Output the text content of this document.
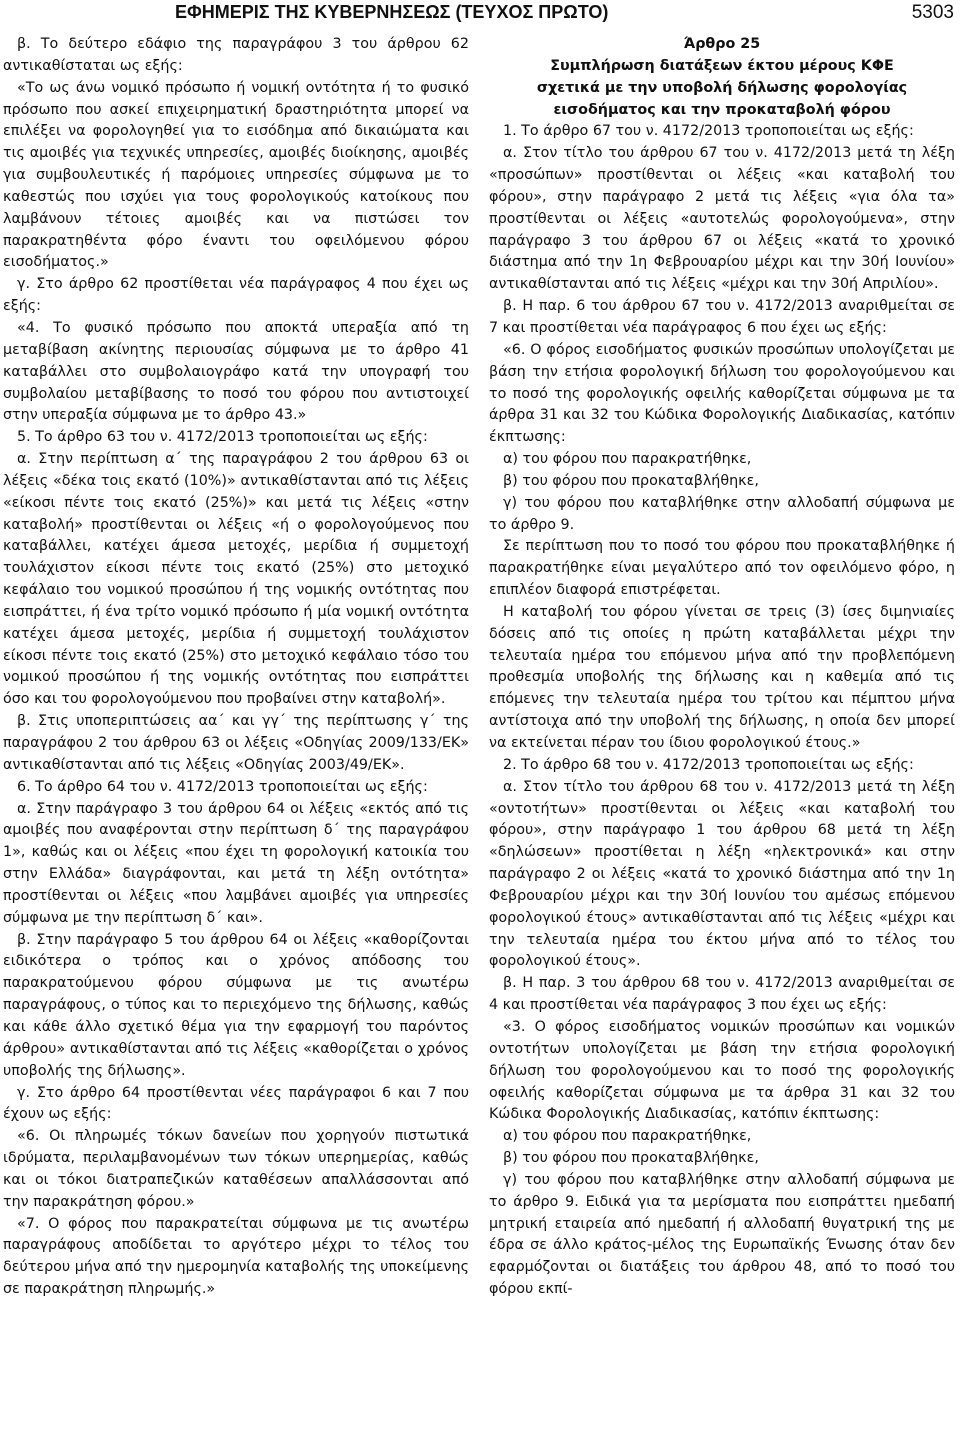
ΕΦΗΜΕΡΙΣ ΤΗΣ ΚΥΒΕΡΝΗΣΕΩΣ (ΤΕΥΧΟΣ ΠΡΩΤΟ)	5303

β. Το δεύτερο εδάφιο της παραγράφου 3 του άρθρου 62 αντικαθίσταται ως εξής:

«Το ως άνω νομικό πρόσωπο ή νομική οντότητα ή το φυσικό πρόσωπο που ασκεί επιχειρηματική δραστηριότητα μπορεί να επιλέξει να φορολογηθεί για το εισόδημα από δικαιώματα και τις αμοιβές για τεχνικές υπηρεσίες, αμοιβές διοίκησης, αμοιβές για συμβουλευτικές ή παρόμοιες υπηρεσίες σύμφωνα με το καθεστώς που ισχύει για τους φορολογικούς κατοίκους που λαμβάνουν τέτοιες αμοιβές και να πιστώσει τον παρακρατηθέντα φόρο έναντι του οφειλόμενου φόρου εισοδήματος.»

γ. Στο άρθρο 62 προστίθεται νέα παράγραφος 4 που έχει ως εξής:

«4. Το φυσικό πρόσωπο που αποκτά υπεραξία από τη μεταβίβαση ακίνητης περιουσίας σύμφωνα με το άρθρο 41 καταβάλλει στο συμβολαιογράφο κατά την υπογραφή του συμβολαίου μεταβίβασης το ποσό του φόρου που αντιστοιχεί στην υπεραξία σύμφωνα με το άρθρο 43.»

5. Το άρθρο 63 του ν. 4172/2013 τροποποιείται ως εξής:

α. Στην περίπτωση α΄ της παραγράφου 2 του άρθρου 63 οι λέξεις «δέκα τοις εκατό (10%)» αντικαθίστανται από τις λέξεις «είκοσι πέντε τοις εκατό (25%)» και μετά τις λέξεις «στην καταβολή» προστίθενται οι λέξεις «ή ο φορολογούμενος που καταβάλλει, κατέχει άμεσα μετοχές, μερίδια ή συμμετοχή τουλάχιστον είκοσι πέντε τοις εκατό (25%) στο μετοχικό κεφάλαιο του νομικού προσώπου ή της νομικής οντότητας που εισπράττει, ή ένα τρίτο νομικό πρόσωπο ή μία νομική οντότητα κατέχει άμεσα μετοχές, μερίδια ή συμμετοχή τουλάχιστον είκοσι πέντε τοις εκατό (25%) στο μετοχικό κεφάλαιο τόσο του νομικού προσώπου ή της νομικής οντότητας που εισπράττει όσο και του φορολογούμενου που προβαίνει στην καταβολή».

β. Στις υποπεριπτώσεις αα΄ και γγ΄ της περίπτωσης γ΄ της παραγράφου 2 του άρθρου 63 οι λέξεις «Οδηγίας 2009/133/ΕΚ» αντικαθίστανται από τις λέξεις «Οδηγίας 2003/49/ΕΚ».

6. Το άρθρο 64 του ν. 4172/2013 τροποποιείται ως εξής:

α. Στην παράγραφο 3 του άρθρου 64 οι λέξεις «εκτός από τις αμοιβές που αναφέρονται στην περίπτωση δ΄ της παραγράφου 1», καθώς και οι λέξεις «που έχει τη φορολογική κατοικία του στην Ελλάδα» διαγράφονται, και μετά τη λέξη οντότητα» προστίθενται οι λέξεις «που λαμβάνει αμοιβές για υπηρεσίες σύμφωνα με την περίπτωση δ΄ και».

β. Στην παράγραφο 5 του άρθρου 64 οι λέξεις «καθορίζονται ειδικότερα ο τρόπος και ο χρόνος απόδοσης του παρακρατούμενου φόρου σύμφωνα με τις ανωτέρω παραγράφους, ο τύπος και το περιεχόμενο της δήλωσης, καθώς και κάθε άλλο σχετικό θέμα για την εφαρμογή του παρόντος άρθρου» αντικαθίστανται από τις λέξεις «καθορίζεται ο χρόνος υποβολής της δήλωσης».

γ. Στο άρθρο 64 προστίθενται νέες παράγραφοι 6 και 7 που έχουν ως εξής:

«6. Οι πληρωμές τόκων δανείων που χορηγούν πιστωτικά ιδρύματα, περιλαμβανομένων των τόκων υπερημερίας, καθώς και οι τόκοι διατραπεζικών καταθέσεων απαλλάσσονται από την παρακράτηση φόρου.»

«7. Ο φόρος που παρακρατείται σύμφωνα με τις ανωτέρω παραγράφους αποδίδεται το αργότερο μέχρι το τέλος του δεύτερου μήνα από την ημερομηνία καταβολής της υποκείμενης σε παρακράτηση πληρωμής.»

Άρθρο 25
Συμπλήρωση διατάξεων έκτου μέρους ΚΦΕ
σχετικά με την υποβολή δήλωσης φορολογίας
εισοδήματος και την προκαταβολή φόρου

1. Το άρθρο 67 του ν. 4172/2013 τροποποιείται ως εξής:

α. Στον τίτλο του άρθρου 67 του ν. 4172/2013 μετά τη λέξη «προσώπων» προστίθενται οι λέξεις «και καταβολή του φόρου», στην παράγραφο 2 μετά τις λέξεις «για όλα τα» προστίθενται οι λέξεις «αυτοτελώς φορολογούμενα», στην παράγραφο 3 του άρθρου 67 οι λέξεις «κατά το χρονικό διάστημα από την 1η Φεβρουαρίου μέχρι και την 30ή Ιουνίου» αντικαθίστανται από τις λέξεις «μέχρι και την 30ή Απριλίου».

β. Η παρ. 6 του άρθρου 67 του ν. 4172/2013 αναριθμείται σε 7 και προστίθεται νέα παράγραφος 6 που έχει ως εξής:

«6. Ο φόρος εισοδήματος φυσικών προσώπων υπολογίζεται με βάση την ετήσια φορολογική δήλωση του φορολογούμενου και το ποσό της φορολογικής οφειλής καθορίζεται σύμφωνα με τα άρθρα 31 και 32 του Κώδικα Φορολογικής Διαδικασίας, κατόπιν έκπτωσης:

α) του φόρου που παρακρατήθηκε,

β) του φόρου που προκαταβλήθηκε,

γ) του φόρου που καταβλήθηκε στην αλλοδαπή σύμφωνα με το άρθρο 9.

Σε περίπτωση που το ποσό του φόρου που προκαταβλήθηκε ή παρακρατήθηκε είναι μεγαλύτερο από τον οφειλόμενο φόρο, η επιπλέον διαφορά επιστρέφεται.

Η καταβολή του φόρου γίνεται σε τρεις (3) ίσες διμηνιαίες δόσεις από τις οποίες η πρώτη καταβάλλεται μέχρι την τελευταία ημέρα του επόμενου μήνα από την προβλεπόμενη προθεσμία υποβολής της δήλωσης και η καθεμία από τις επόμενες την τελευταία ημέρα του τρίτου και πέμπτου μήνα αντίστοιχα από την υποβολή της δήλωσης, η οποία δεν μπορεί να εκτείνεται πέραν του ίδιου φορολογικού έτους.»

2. Το άρθρο 68 του ν. 4172/2013 τροποποιείται ως εξής:

α. Στον τίτλο του άρθρου 68 του ν. 4172/2013 μετά τη λέξη «οντοτήτων» προστίθενται οι λέξεις «και καταβολή του φόρου», στην παράγραφο 1 του άρθρου 68 μετά τη λέξη «δηλώσεων» προστίθεται η λέξη «ηλεκτρονικά» και στην παράγραφο 2 οι λέξεις «κατά το χρονικό διάστημα από την 1η Φεβρουαρίου μέχρι και την 30ή Ιουνίου του αμέσως επόμενου φορολογικού έτους» αντικαθίστανται από τις λέξεις «μέχρι και την τελευταία ημέρα του έκτου μήνα από το τέλος του φορολογικού έτους».

β. Η παρ. 3 του άρθρου 68 του ν. 4172/2013 αναριθμείται σε 4 και προστίθεται νέα παράγραφος 3 που έχει ως εξής:

«3. Ο φόρος εισοδήματος νομικών προσώπων και νομικών οντοτήτων υπολογίζεται με βάση την ετήσια φορολογική δήλωση του φορολογούμενου και το ποσό της φορολογικής οφειλής καθορίζεται σύμφωνα με τα άρθρα 31 και 32 του Κώδικα Φορολογικής Διαδικασίας, κατόπιν έκπτωσης:

α) του φόρου που παρακρατήθηκε,

β) του φόρου που προκαταβλήθηκε,

γ) του φόρου που καταβλήθηκε στην αλλοδαπή σύμφωνα με το άρθρο 9. Ειδικά για τα μερίσματα που εισπράττει ημεδαπή μητρική εταιρεία από ημεδαπή ή αλλοδαπή θυγατρική της με έδρα σε άλλο κράτος-μέλος της Ευρωπαϊκής Ένωσης όταν δεν εφαρμόζονται οι διατάξεις του άρθρου 48, από το ποσό του φόρου εκπί-
